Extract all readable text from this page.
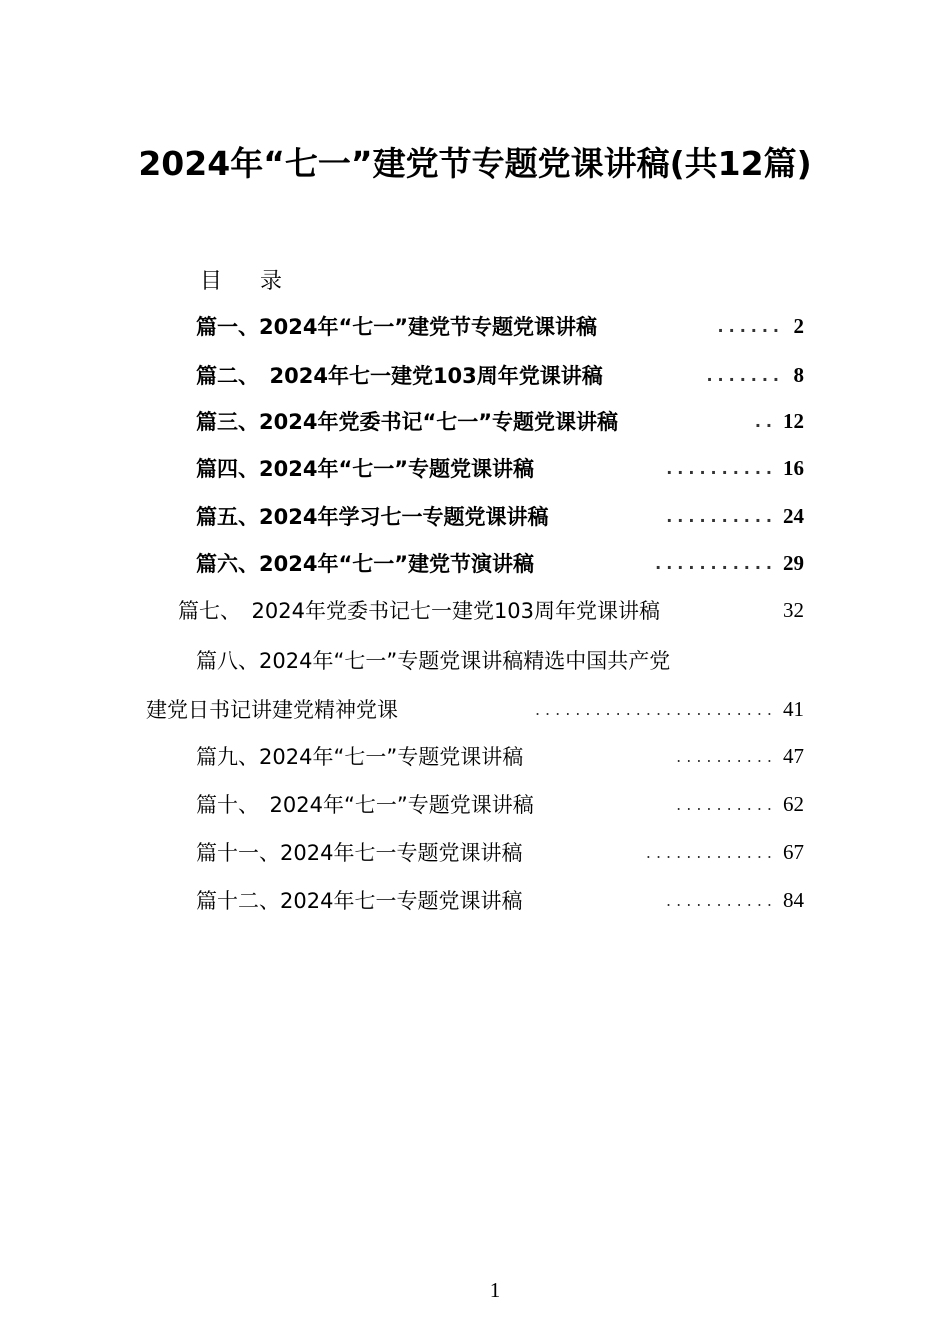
2024年“七一”建党节专题党课讲稿(共12篇)
目　录
篇一、2024年“七一”建党节专题党课讲稿	...... 2
篇二、　2024年七一建党103周年党课讲稿	....... 8
篇三、2024年党委书记“七一”专题党课讲稿	.. 12
篇四、2024年“七一”专题党课讲稿	.......... 16
篇五、2024年学习七一专题党课讲稿	.......... 24
篇六、2024年“七一”建党节演讲稿	........... 29
篇七、　2024年党委书记七一建党103周年党课讲稿	32
篇八、2024年“七一”专题党课讲稿精选中国共产党
建党日书记讲建党精神党课	........................ 41
篇九、2024年“七一”专题党课讲稿	.......... 47
篇十、　2024年“七一”专题党课讲稿	.......... 62
篇十一、2024年七一专题党课讲稿	............. 67
篇十二、2024年七一专题党课讲稿	........... 84
1
